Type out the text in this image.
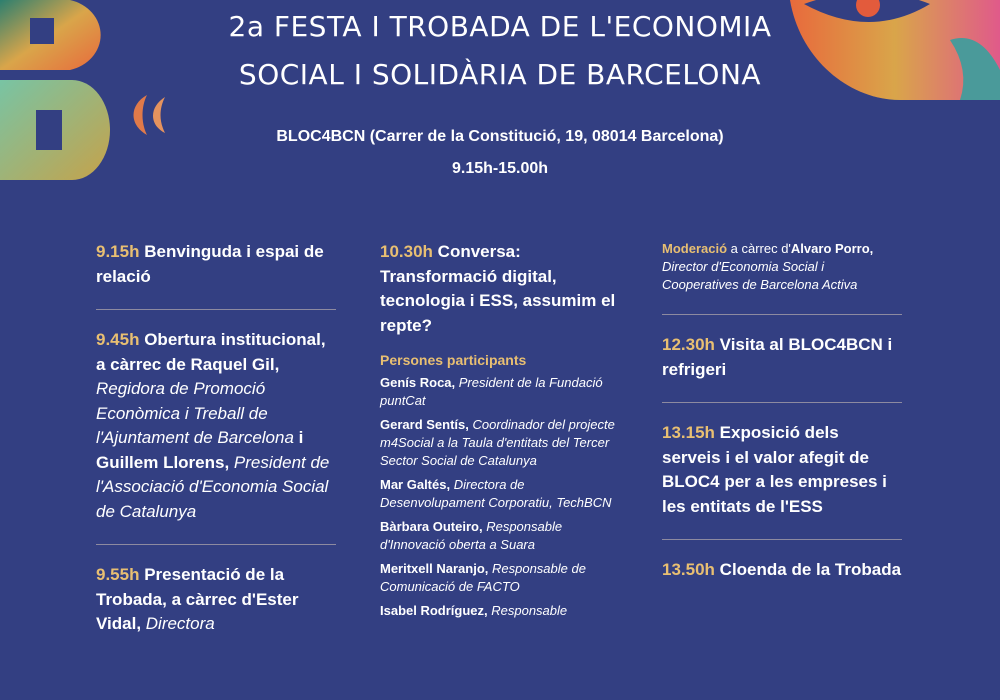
2a FESTA I TROBADA DE L'ECONOMIA
SOCIAL I SOLIDÀRIA DE BARCELONA
BLOC4BCN (Carrer de la Constitució, 19, 08014 Barcelona)
9.15h-15.00h
9.15h Benvinguda i espai de relació
9.45h Obertura institucional, a càrrec de Raquel Gil, Regidora de Promoció Econòmica i Treball de l'Ajuntament de Barcelona i Guillem Llorens, President de l'Associació d'Economia Social de Catalunya
9.55h Presentació de la Trobada, a càrrec d'Ester Vidal, Directora
10.30h Conversa: Transformació digital, tecnologia i ESS, assumim el repte?
Persones participants
Genís Roca, President de la Fundació puntCat
Gerard Sentís, Coordinador del projecte m4Social a la Taula d'entitats del Tercer Sector Social de Catalunya
Mar Galtés, Directora de Desenvolupament Corporatiu, TechBCN
Bàrbara Outeiro, Responsable d'Innovació oberta a Suara
Meritxell Naranjo, Responsable de Comunicació de FACTO
Isabel Rodríguez, Responsable
Moderació a càrrec d'Alvaro Porro, Director d'Economia Social i Cooperatives de Barcelona Activa
12.30h Visita al BLOC4BCN i refrigeri
13.15h Exposició dels serveis i el valor afegit de BLOC4 per a les empreses i les entitats de l'ESS
13.50h Cloenda de la Trobada
